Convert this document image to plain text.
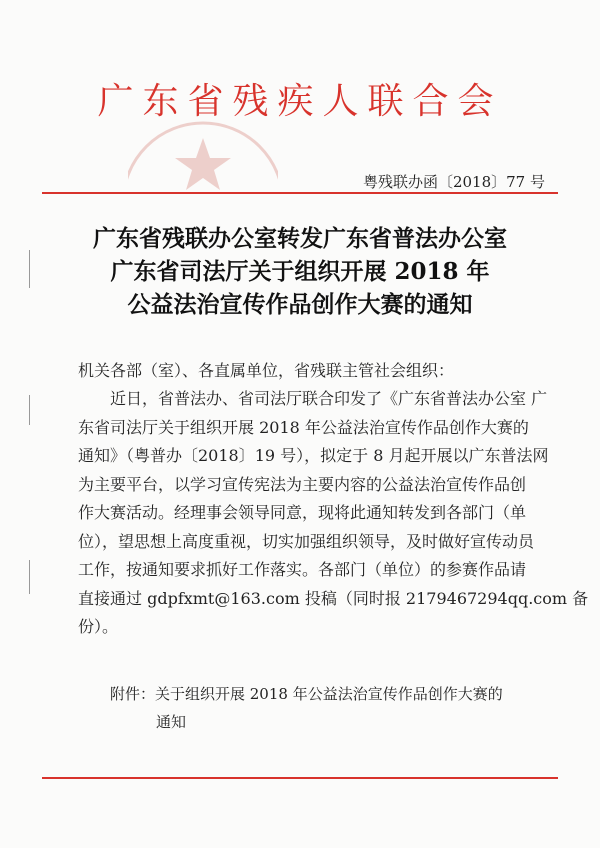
广东省残疾人联合会
粤残联办函〔2018〕77 号
广东省残联办公室转发广东省普法办公室
广东省司法厅关于组织开展 2018 年
公益法治宣传作品创作大赛的通知
机关各部（室）、各直属单位，省残联主管社会组织：
近日，省普法办、省司法厅联合印发了《广东省普法办公室 广
东省司法厅关于组织开展 2018 年公益法治宣传作品创作大赛的
通知》（粤普办〔2018〕19 号），拟定于 8 月起开展以广东普法网
为主要平台，以学习宣传宪法为主要内容的公益法治宣传作品创
作大赛活动。经理事会领导同意，现将此通知转发到各部门（单
位），望思想上高度重视，切实加强组织领导，及时做好宣传动员
工作，按通知要求抓好工作落实。各部门（单位）的参赛作品请
直接通过 gdpfxmt@163.com 投稿（同时报 2179467294qq.com 备
份）。
附件：关于组织开展 2018 年公益法治宣传作品创作大赛的
通知
